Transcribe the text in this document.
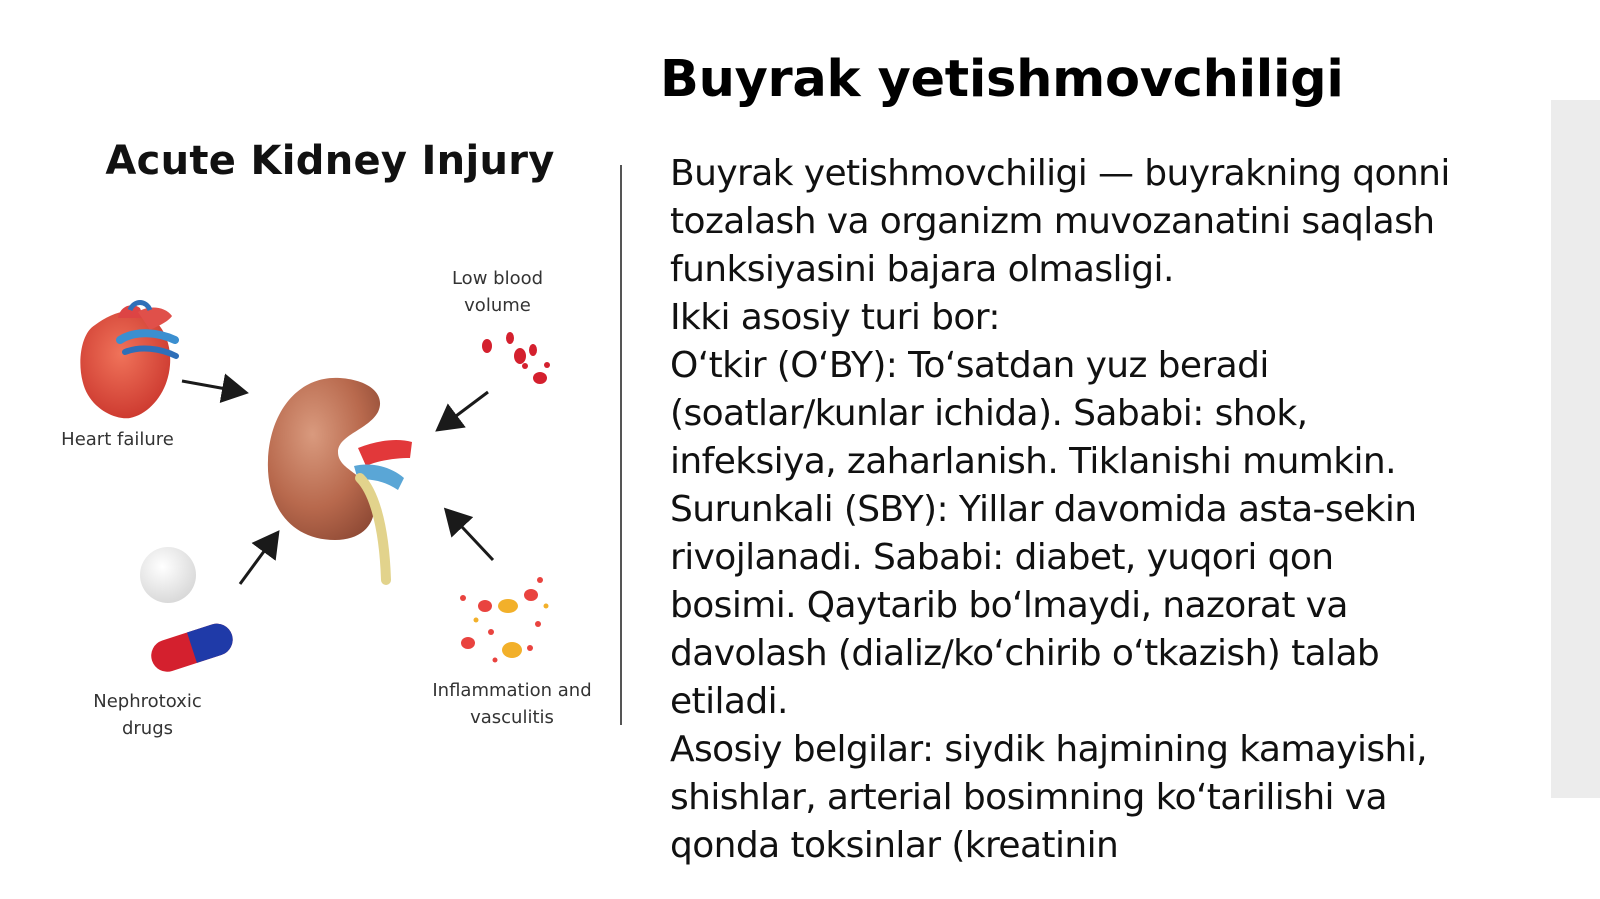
Acute Kidney Injury
Heart failure
Low blood
volume
Nephrotoxic
drugs
Inflammation and
vasculitis
Buyrak yetishmovchiligi

Buyrak yetishmovchiligi — buyrakning qonni tozalash va organizm muvozanatini saqlash funksiyasini bajara olmasligi.

Ikki asosiy turi bor:

O‘tkir (O‘BY): To‘satdan yuz beradi (soatlar/kunlar ichida). Sababi: shok, infeksiya, zaharlanish. Tiklanishi mumkin.

Surunkali (SBY): Yillar davomida asta-sekin rivojlanadi. Sababi: diabet, yuqori qon bosimi. Qaytarib bo‘lmaydi, nazorat va davolash (dializ/ko‘chirib o‘tkazish) talab etiladi.

Asosiy belgilar: siydik hajmining kamayishi, shishlar, arterial bosimning ko‘tarilishi va qonda toksinlar (kreatinin
